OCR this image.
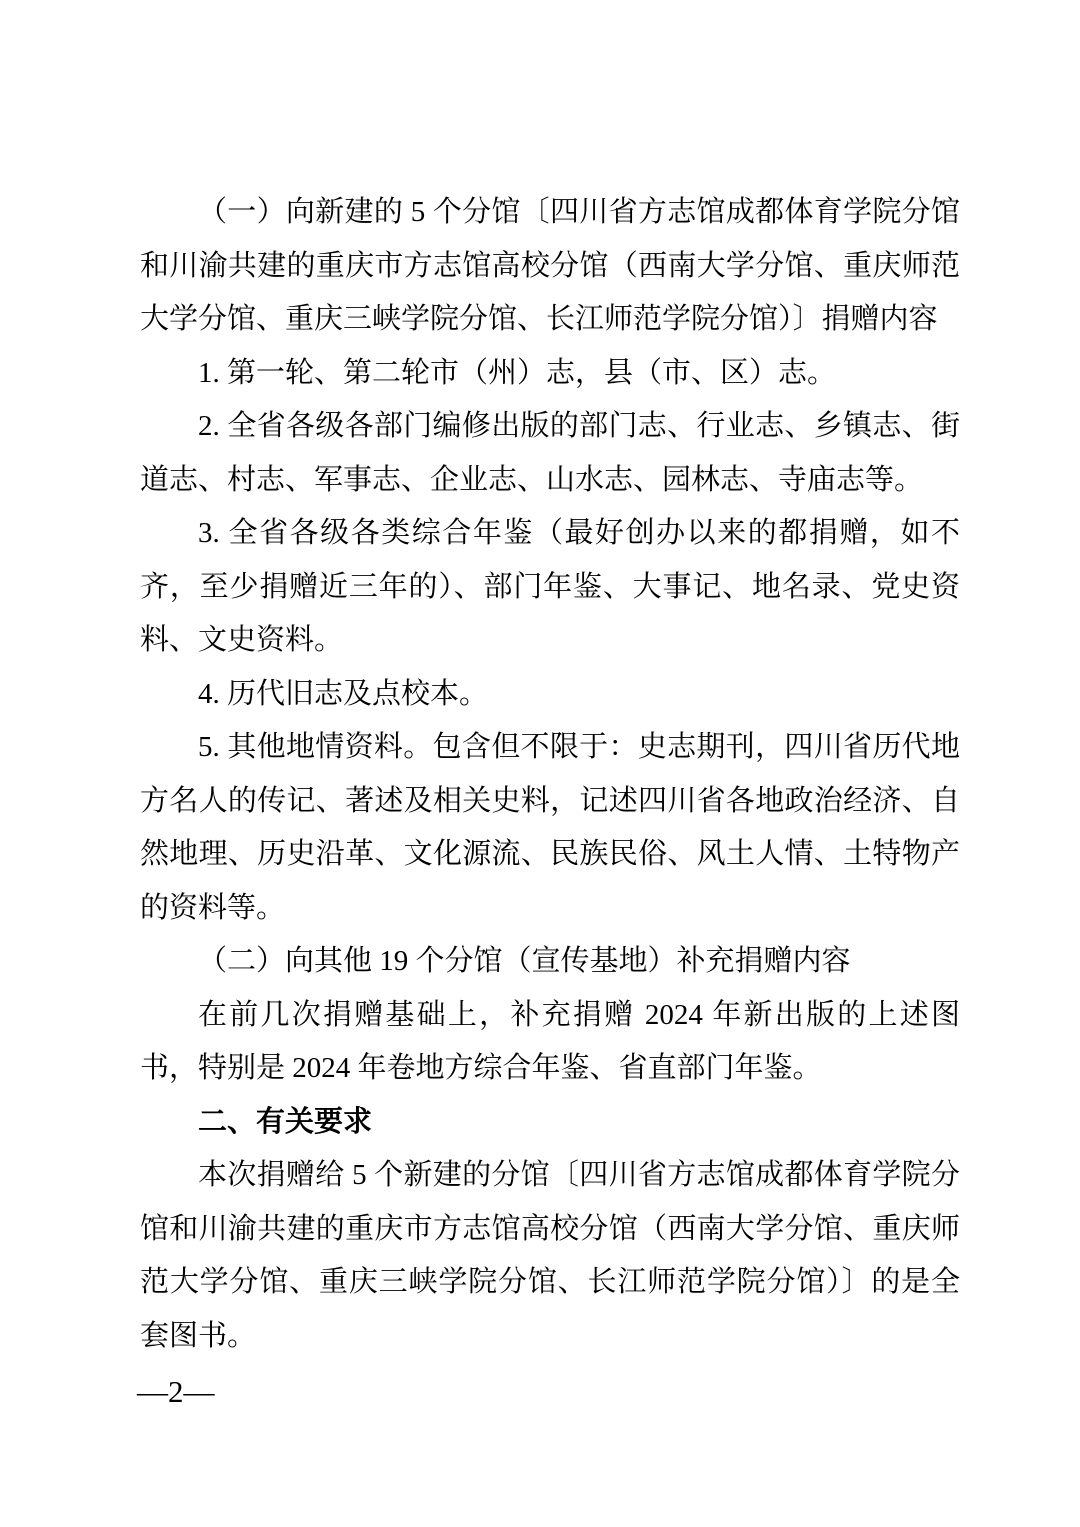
（一）向新建的 5 个分馆〔四川省方志馆成都体育学院分馆和川渝共建的重庆市方志馆高校分馆（西南大学分馆、重庆师范大学分馆、重庆三峡学院分馆、长江师范学院分馆）〕捐赠内容

1. 第一轮、第二轮市（州）志，县（市、区）志。

2. 全省各级各部门编修出版的部门志、行业志、乡镇志、街道志、村志、军事志、企业志、山水志、园林志、寺庙志等。

3. 全省各级各类综合年鉴（最好创办以来的都捐赠，如不齐，至少捐赠近三年的）、部门年鉴、大事记、地名录、党史资料、文史资料。

4. 历代旧志及点校本。

5. 其他地情资料。包含但不限于：史志期刊，四川省历代地方名人的传记、著述及相关史料，记述四川省各地政治经济、自然地理、历史沿革、文化源流、民族民俗、风土人情、土特物产的资料等。

（二）向其他 19 个分馆（宣传基地）补充捐赠内容

在前几次捐赠基础上，补充捐赠 2024 年新出版的上述图书，特别是 2024 年卷地方综合年鉴、省直部门年鉴。

二、有关要求

本次捐赠给 5 个新建的分馆〔四川省方志馆成都体育学院分馆和川渝共建的重庆市方志馆高校分馆（西南大学分馆、重庆师范大学分馆、重庆三峡学院分馆、长江师范学院分馆）〕的是全套图书。

—2—
